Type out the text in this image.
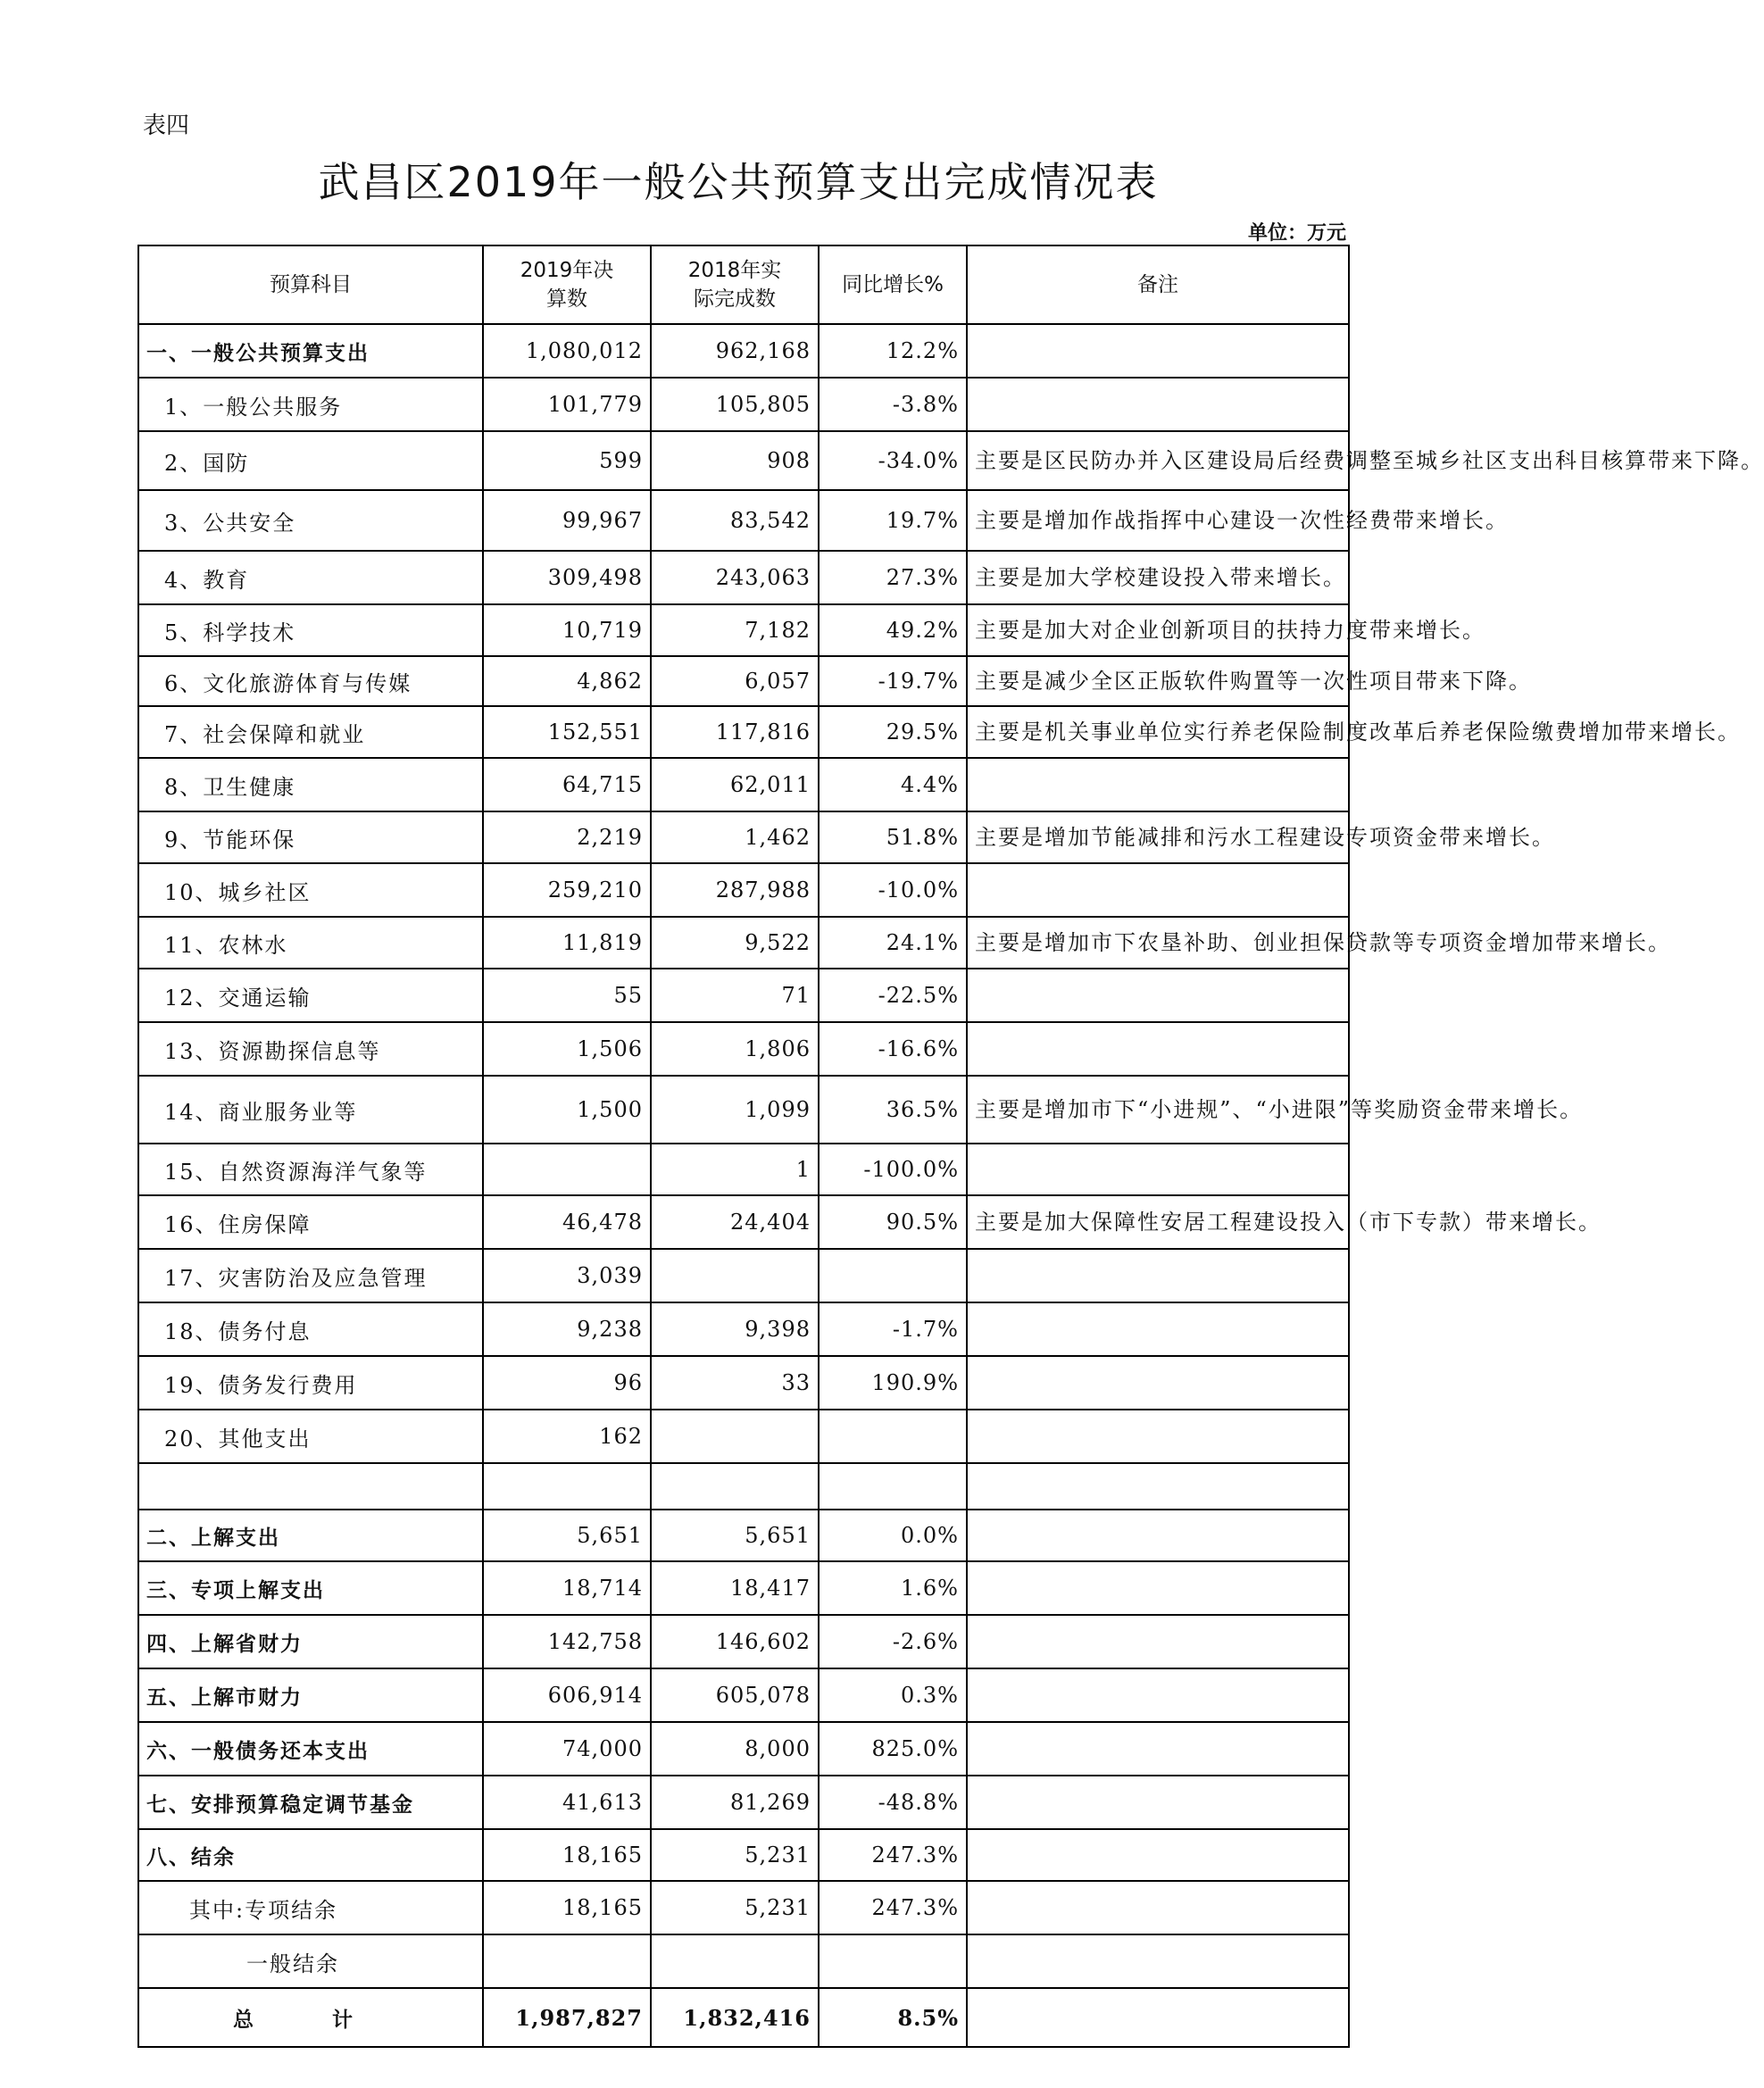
表四
武昌区2019年一般公共预算支出完成情况表
单位：万元
预算科目	2019年决算数	2018年实际完成数	同比增长%	备注
一、一般公共预算支出	1,080,012	962,168	12.2%	
1、一般公共服务	101,779	105,805	-3.8%	
2、国防	599	908	-34.0%	主要是区民防办并入区建设局后经费调整至城乡社区支出科目核算带来下降。
3、公共安全	99,967	83,542	19.7%	主要是增加作战指挥中心建设一次性经费带来增长。
4、教育	309,498	243,063	27.3%	主要是加大学校建设投入带来增长。
5、科学技术	10,719	7,182	49.2%	主要是加大对企业创新项目的扶持力度带来增长。
6、文化旅游体育与传媒	4,862	6,057	-19.7%	主要是减少全区正版软件购置等一次性项目带来下降。
7、社会保障和就业	152,551	117,816	29.5%	主要是机关事业单位实行养老保险制度改革后养老保险缴费增加带来增长。
8、卫生健康	64,715	62,011	4.4%	
9、节能环保	2,219	1,462	51.8%	主要是增加节能减排和污水工程建设专项资金带来增长。
10、城乡社区	259,210	287,988	-10.0%	
11、农林水	11,819	9,522	24.1%	主要是增加市下农垦补助、创业担保贷款等专项资金增加带来增长。
12、交通运输	55	71	-22.5%	
13、资源勘探信息等	1,506	1,806	-16.6%	
14、商业服务业等	1,500	1,099	36.5%	主要是增加市下“小进规”、“小进限”等奖励资金带来增长。
15、自然资源海洋气象等		1	-100.0%	
16、住房保障	46,478	24,404	90.5%	主要是加大保障性安居工程建设投入（市下专款）带来增长。
17、灾害防治及应急管理	3,039			
18、债务付息	9,238	9,398	-1.7%	
19、债务发行费用	96	33	190.9%	
20、其他支出	162			

二、上解支出	5,651	5,651	0.0%	
三、专项上解支出	18,714	18,417	1.6%	
四、上解省财力	142,758	146,602	-2.6%	
五、上解市财力	606,914	605,078	0.3%	
六、一般债务还本支出	74,000	8,000	825.0%	
七、安排预算稳定调节基金	41,613	81,269	-48.8%	
八、结余	18,165	5,231	247.3%	
其中:专项结余	18,165	5,231	247.3%	
一般结余				
总 计	1,987,827	1,832,416	8.5%	
